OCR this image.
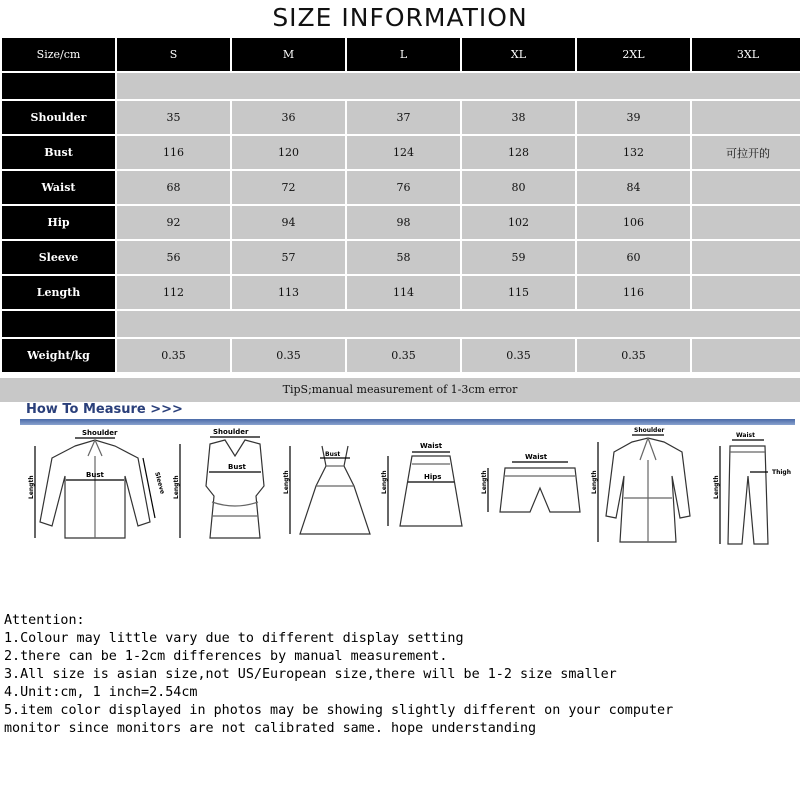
SIZE INFORMATION
Size/cm	S	M	L	XL	2XL	3XL

Shoulder	35	36	37	38	39	
Bust	116	120	124	128	132	可拉开的
Waist	68	72	76	80	84	
Hip	92	94	98	102	106	
Sleeve	56	57	58	59	60	
Length	112	113	114	115	116	

Weight/kg	0.35	0.35	0.35	0.35	0.35	
TipS;manual measurement of 1-3cm error
How To Measure >>>
Shoulder
Bust
Length	Sleeve
Shoulder
Bust
Length
Bust
Length
Waist
Hips
Length
Waist
Length
Shoulder
Length
Waist
Thigh
Length
Attention:
1.Colour may little vary due to different display setting
2.there can be 1-2cm differences by manual measurement.
3.All size is asian size,not US/European size,there will be 1-2 size smaller
4.Unit:cm, 1 inch=2.54cm
5.item color displayed in photos may be showing slightly different on your computer
monitor since monitors are not calibrated same. hope understanding
